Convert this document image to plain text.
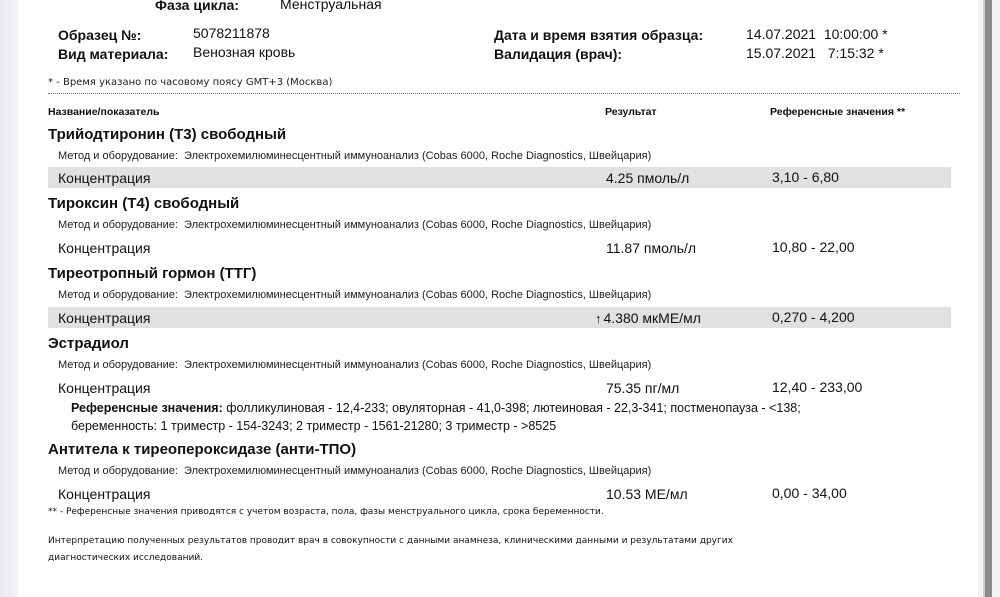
Фаза цикла:	Менструальная
Образец №:	5078211878
Вид материала: Венозная кровь
Дата и время взятия образца:	14.07.2021  10:00:00 *
Валидация (врач):	15.07.2021   7:15:32 *
* - Время указано по часовому поясу GMT+3 (Москва)
Название/показатель	Результат	Референсные значения **
Трийодтиронин (Т3) свободный
Метод и оборудование:  Электрохемилюминесцентный иммуноанализ (Cobas 6000, Roche Diagnostics, Швейцария)
Концентрация	4.25 пмоль/л	3,10 - 6,80
Тироксин (Т4) свободный
Метод и оборудование:  Электрохемилюминесцентный иммуноанализ (Cobas 6000, Roche Diagnostics, Швейцария)
Концентрация	11.87 пмоль/л	10,80 - 22,00
Тиреотропный гормон (ТТГ)
Метод и оборудование:  Электрохемилюминесцентный иммуноанализ (Cobas 6000, Roche Diagnostics, Швейцария)
Концентрация	↑ 4.380 мкМЕ/мл	0,270 - 4,200
Эстрадиол
Метод и оборудование:  Электрохемилюминесцентный иммуноанализ (Cobas 6000, Roche Diagnostics, Швейцария)
Концентрация	75.35 пг/мл	12,40 - 233,00
Референсные значения: фолликулиновая - 12,4-233; овуляторная - 41,0-398; лютеиновая - 22,3-341; постменопауза - <138;
беременность: 1 триместр - 154-3243; 2 триместр - 1561-21280; 3 триместр - >8525
Антитела к тиреопероксидазе (анти-ТПО)
Метод и оборудование:  Электрохемилюминесцентный иммуноанализ (Cobas 6000, Roche Diagnostics, Швейцария)
Концентрация	10.53 МЕ/мл	0,00 - 34,00
** - Референсные значения приводятся с учетом возраста, пола, фазы менструального цикла, срока беременности.
Интерпретацию полученных результатов проводит врач в совокупности с данными анамнеза, клиническими данными и результатами других
диагностических исследований.
